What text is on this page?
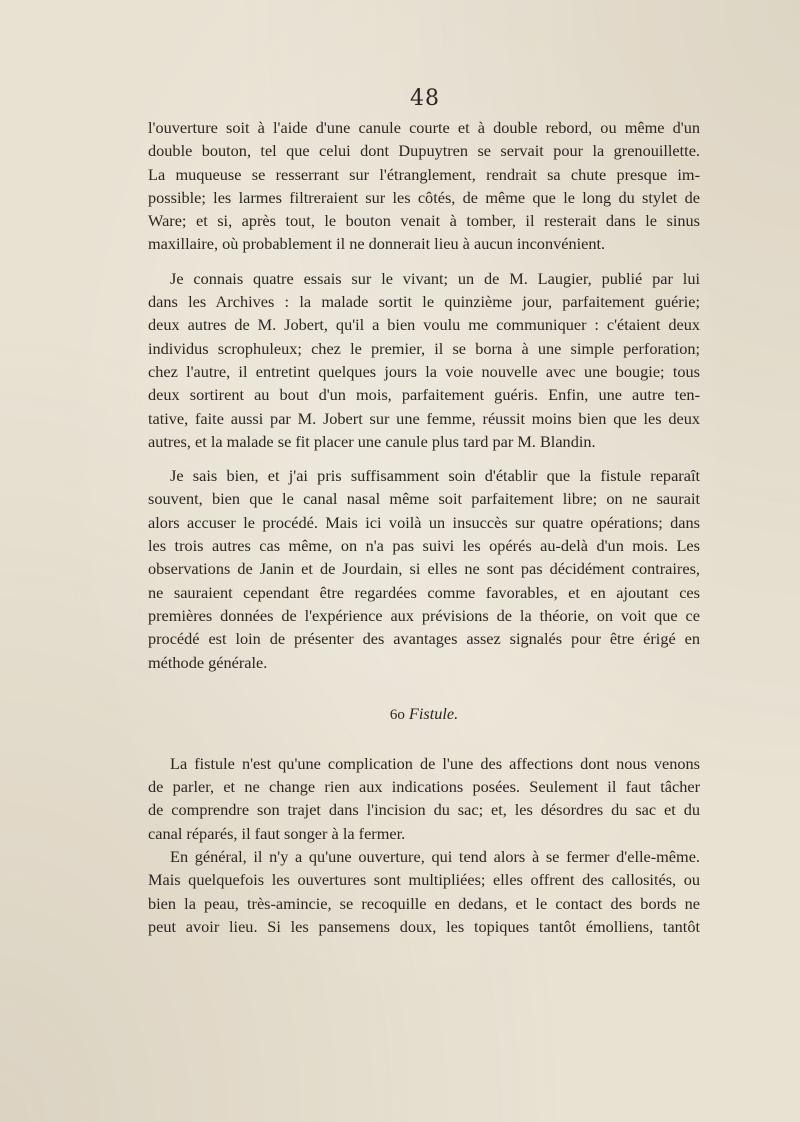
48
l'ouverture soit à l'aide d'une canule courte et à double rebord, ou même d'un
double bouton, tel que celui dont Dupuytren se servait pour la grenouillette.
La muqueuse se resserrant sur l'étranglement, rendrait sa chute presque im-
possible; les larmes filtreraient sur les côtés, de même que le long du stylet de
Ware; et si, après tout, le bouton venait à tomber, il resterait dans le sinus
maxillaire, où probablement il ne donnerait lieu à aucun inconvénient.
Je connais quatre essais sur le vivant; un de M. Laugier, publié par lui
dans les Archives : la malade sortit le quinzième jour, parfaitement guérie;
deux autres de M. Jobert, qu'il a bien voulu me communiquer : c'étaient deux
individus scrophuleux; chez le premier, il se borna à une simple perforation;
chez l'autre, il entretint quelques jours la voie nouvelle avec une bougie; tous
deux sortirent au bout d'un mois, parfaitement guéris. Enfin, une autre ten-
tative, faite aussi par M. Jobert sur une femme, réussit moins bien que les deux
autres, et la malade se fit placer une canule plus tard par M. Blandin.
Je sais bien, et j'ai pris suffisamment soin d'établir que la fistule reparaît
souvent, bien que le canal nasal même soit parfaitement libre; on ne saurait
alors accuser le procédé. Mais ici voilà un insuccès sur quatre opérations; dans
les trois autres cas même, on n'a pas suivi les opérés au-delà d'un mois. Les
observations de Janin et de Jourdain, si elles ne sont pas décidément contraires,
ne sauraient cependant être regardées comme favorables, et en ajoutant ces
premières données de l'expérience aux prévisions de la théorie, on voit que ce
procédé est loin de présenter des avantages assez signalés pour être érigé en
méthode générale.
6o Fistule.
La fistule n'est qu'une complication de l'une des affections dont nous venons
de parler, et ne change rien aux indications posées. Seulement il faut tâcher
de comprendre son trajet dans l'incision du sac; et, les désordres du sac et du
canal réparés, il faut songer à la fermer.
En général, il n'y a qu'une ouverture, qui tend alors à se fermer d'elle-même.
Mais quelquefois les ouvertures sont multipliées; elles offrent des callosités, ou
bien la peau, très-amincie, se recoquille en dedans, et le contact des bords ne
peut avoir lieu. Si les pansemens doux, les topiques tantôt émolliens, tantôt
